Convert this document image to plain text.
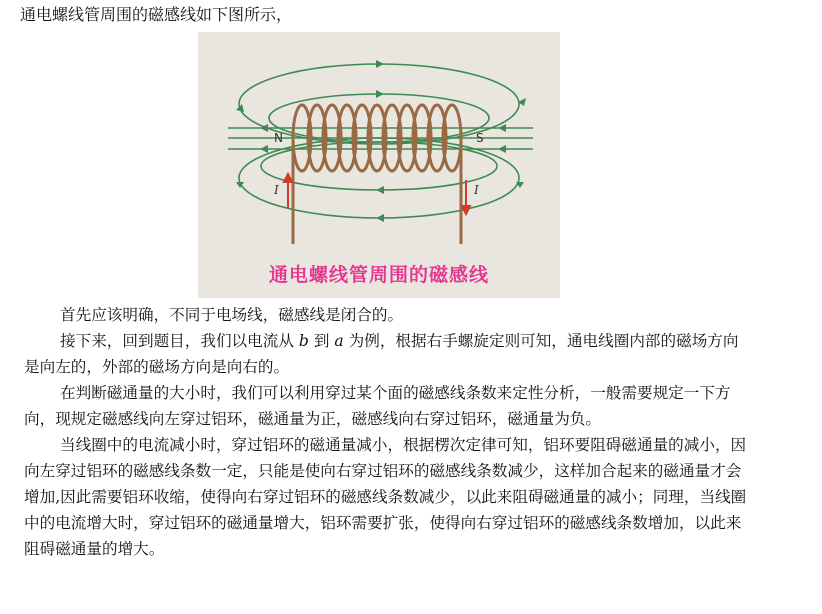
通电螺线管周围的磁感线如下图所示，
N	S
I	I
通电螺线管周围的磁感线

首先应该明确，不同于电场线，磁感线是闭合的。

接下来，回到题目，我们以电流从 b 到 a 为例，根据右手螺旋定则可知，通电线圈内部的磁场方向是向左的，外部的磁场方向是向右的。

在判断磁通量的大小时，我们可以利用穿过某个面的磁感线条数来定性分析，一般需要规定一下方向，现规定磁感线向左穿过铝环，磁通量为正，磁感线向右穿过铝环，磁通量为负。

当线圈中的电流减小时，穿过铝环的磁通量减小，根据楞次定律可知，铝环要阻碍磁通量的减小，因向左穿过铝环的磁感线条数一定，只能是使向右穿过铝环的磁感线条数减少，这样加合起来的磁通量才会增加,因此需要铝环收缩，使得向右穿过铝环的磁感线条数减少，以此来阻碍磁通量的减小；同理，当线圈中的电流增大时，穿过铝环的磁通量增大，铝环需要扩张，使得向右穿过铝环的磁感线条数增加，以此来阻碍磁通量的增大。
